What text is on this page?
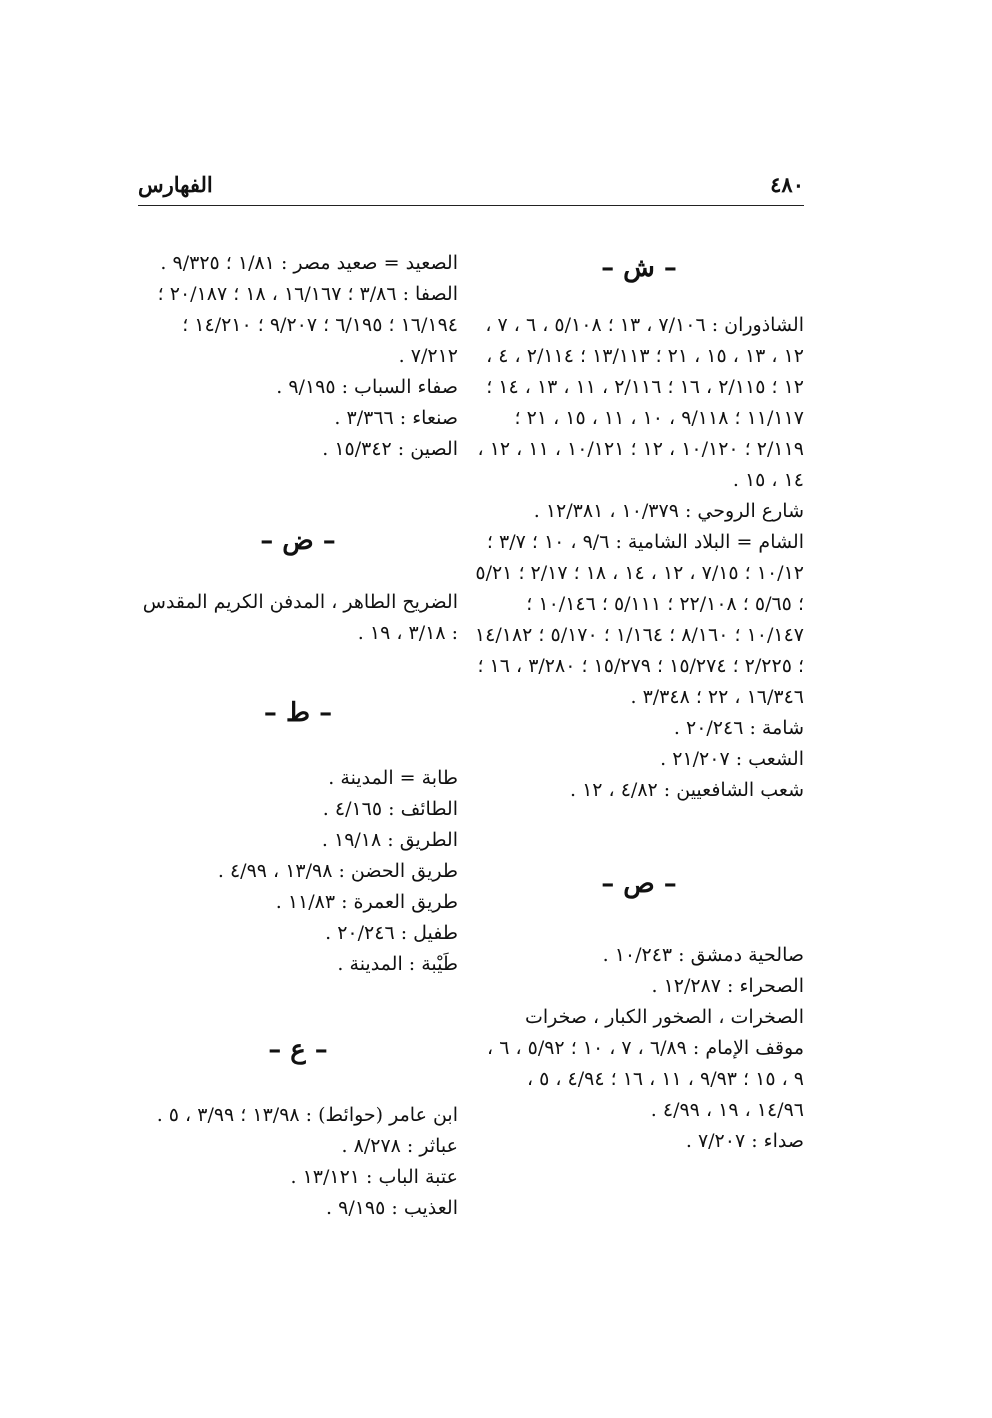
٤٨٠
الفهارس
– ش –
الشاذوران : ٧/١٠٦ ، ١٣ ؛ ٥/١٠٨ ، ٦ ، ٧ ، ١٢ ، ١٣ ، ١٥ ، ٢١ ؛ ١٣/١١٣ ؛ ٢/١١٤ ، ٤ ، ١٢ ؛ ٢/١١٥ ، ١٦ ؛ ٢/١١٦ ، ١١ ، ١٣ ، ١٤ ؛ ١١/١١٧ ؛ ٩/١١٨ ، ١٠ ، ١١ ، ١٥ ، ٢١ ؛ ٢/١١٩ ؛ ١٠/١٢٠ ، ١٢ ؛ ١٠/١٢١ ، ١١ ، ١٢ ، ١٤ ، ١٥ .
شارع الروحي : ١٠/٣٧٩ ، ١٢/٣٨١ .
الشام = البلاد الشامية : ٩/٦ ، ١٠ ؛ ٣/٧ ؛ ١٠/١٢ ؛ ٧/١٥ ، ١٢ ، ١٤ ، ١٨ ؛ ٢/١٧ ؛ ٥/٢١ ؛ ٥/٦٥ ؛ ٢٢/١٠٨ ؛ ٥/١١١ ؛ ١٠/١٤٦ ؛ ١٠/١٤٧ ؛ ٨/١٦٠ ؛ ١/١٦٤ ؛ ٥/١٧٠ ؛ ١٤/١٨٢ ؛ ٢/٢٢٥ ؛ ١٥/٢٧٤ ؛ ١٥/٢٧٩ ؛ ٣/٢٨٠ ، ١٦ ؛ ١٦/٣٤٦ ، ٢٢ ؛ ٣/٣٤٨ .
شامة : ٢٠/٢٤٦ .
الشعب : ٢١/٢٠٧ .
شعب الشافعيين : ٤/٨٢ ، ١٢ .
– ص –
صالحية دمشق : ١٠/٢٤٣ .
الصحراء : ١٢/٢٨٧ .
الصخرات ، الصخور الكبار ، صخرات موقف الإمام : ٦/٨٩ ، ٧ ، ١٠ ؛ ٥/٩٢ ، ٦ ، ٩ ، ١٥ ؛ ٩/٩٣ ، ١١ ، ١٦ ؛ ٤/٩٤ ، ٥ ، ١٤/٩٦ ، ١٩ ، ٤/٩٩ .
صداء : ٧/٢٠٧ .
الصعيد = صعيد مصر : ١/٨١ ؛ ٩/٣٢٥ .
الصفا : ٣/٨٦ ؛ ١٦/١٦٧ ، ١٨ ؛ ٢٠/١٨٧ ؛ ١٦/١٩٤ ؛ ٦/١٩٥ ؛ ٩/٢٠٧ ؛ ١٤/٢١٠ ؛ ٧/٢١٢ .
صفاء السباب : ٩/١٩٥ .
صنعاء : ٣/٣٦٦ .
الصين : ١٥/٣٤٢ .
– ض –
الضريح الطاهر ، المدفن الكريم المقدس : ٣/١٨ ، ١٩ .
– ط –
طابة = المدينة .
الطائف : ٤/١٦٥ .
الطريق : ١٩/١٨ .
طريق الحضن : ١٣/٩٨ ، ٤/٩٩ .
طريق العمرة : ١١/٨٣ .
طفيل : ٢٠/٢٤٦ .
طَيْبة : المدينة .
– ع –
ابن عامر (حوائط) : ١٣/٩٨ ؛ ٣/٩٩ ، ٥ .
عباثر : ٨/٢٧٨ .
عتبة الباب : ١٣/١٢١ .
العذيب : ٩/١٩٥ .
